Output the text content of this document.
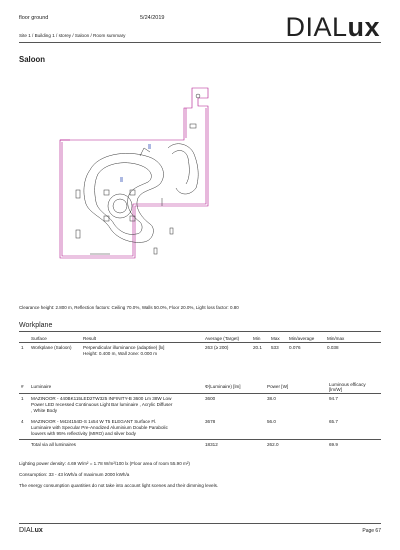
floor ground	5/24/2019	DIALux
Site 1 / Building 1 / storey / Saloon / Room summary
Saloon
Clearance height: 2.800 m, Reflection factors: Ceiling 70.0%, Walls 50.0%, Floor 20.0%, Light loss factor: 0.80
Workplane
	Surface	Result	Average (Target)	Min	Max	Min/average	Min/max
1	Workplane (Saloon)	Perpendicular illuminance (adaptive) [lx]
Height: 0.400 m, Wall zone: 0.000 m	263 (≥ 200)	20.1	533	0.076	0.038
#	Luminaire	Φ(Luminaire) [lm]	Power [W]	Luminous efficacy [lm/W]
1	MAZINOOR - 440BK115LED2TW325 INFINITY-B 3600 Lm 38W Low
Power LED recessed Continuous Light Bar luminaire , Acrylic Diffuser
, White Body	3600	38.0	94.7
4	MAZINOOR - M424154D-S 1x54 W T5 ELEGANT Surface Fl.
Luminaire with Specular Pre-Anodized Aluminium Double Parabolic
louvers with 95% reflectivity (MIRO) and silver body	3678	56.0	65.7
	Total via all luminaires	18312	262.0	69.9
Lighting power density: 4.69 W/m² = 1.78 W/m²/100 lx (Floor area of room 55.90 m²)
Consumption: 33 - 43 kWh/a of maximum 2000 kWh/a
The energy consumption quantities do not take into account light scenes and their dimming levels.
DIALux	Page 67
